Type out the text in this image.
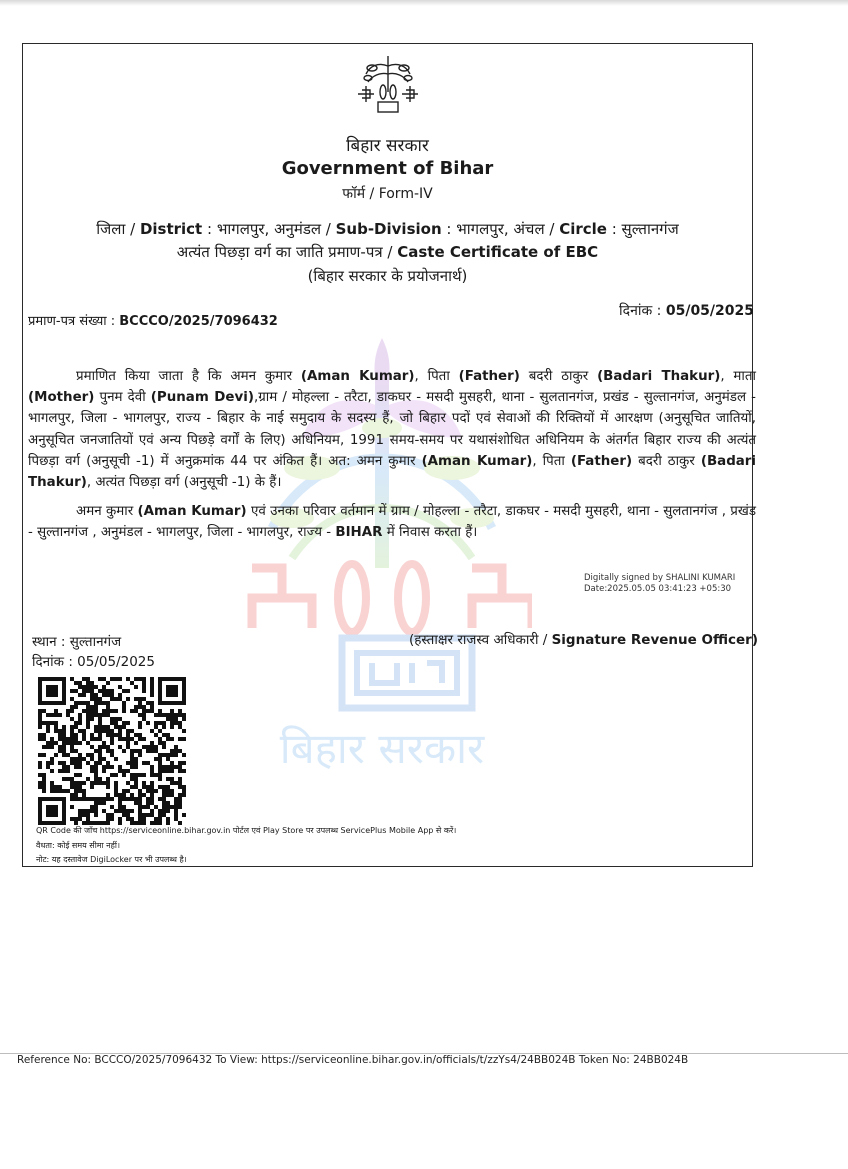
बिहार सरकार
बिहार सरकार
Government of Bihar
फॉर्म / Form-IV
जिला / District : भागलपुर, अनुमंडल / Sub-Division : भागलपुर, अंचल / Circle : सुल्तानगंज
अत्यंत पिछड़ा वर्ग का जाति प्रमाण-पत्र / Caste Certificate of EBC
(बिहार सरकार के प्रयोजनार्थ)
प्रमाण-पत्र संख्या : BCCCO/2025/7096432
दिनांक : 05/05/2025

प्रमाणित किया जाता है कि अमन कुमार (Aman Kumar), पिता (Father) बदरी ठाकुर (Badari Thakur), माता (Mother) पुनम देवी (Punam Devi),ग्राम / मोहल्ला - तरैटा, डाकघर - मसदी मुसहरी, थाना - सुलतानगंज, प्रखंड - सुल्तानगंज, अनुमंडल - भागलपुर, जिला - भागलपुर, राज्य - बिहार के नाई समुदाय के सदस्य हैं, जो बिहार पदों एवं सेवाओं की रिक्तियों में आरक्षण (अनुसूचित जातियों, अनुसूचित जनजातियों एवं अन्य पिछड़े वर्गों के लिए) अधिनियम, 1991 समय-समय पर यथासंशोधित अधिनियम के अंतर्गत बिहार राज्य की अत्यंत पिछड़ा वर्ग (अनुसूची -1) में अनुक्रमांक 44 पर अंकित हैं। अत: अमन कुमार (Aman Kumar), पिता (Father) बदरी ठाकुर (Badari Thakur), अत्यंत पिछड़ा वर्ग (अनुसूची -1) के हैं।

अमन कुमार (Aman Kumar) एवं उनका परिवार वर्तमान में ग्राम / मोहल्ला - तरैटा, डाकघर - मसदी मुसहरी, थाना - सुलतानगंज , प्रखंड - सुल्तानगंज , अनुमंडल - भागलपुर, जिला - भागलपुर, राज्य - BIHAR में निवास करता हैं।

Digitally signed by SHALINI KUMARI
Date:2025.05.05 03:41:23 +05:30
स्थान : सुल्तानगंज
दिनांक : 05/05/2025
(हस्ताक्षर राजस्व अधिकारी / Signature Revenue Officer)
QR Code की जाँच https://serviceonline.bihar.gov.in पोर्टल एवं Play Store पर उपलब्ध ServicePlus Mobile App से करें।
वैधता: कोई समय सीमा नहीं।
नोट: यह दस्तावेज DigiLocker पर भी उपलब्ध है।
Reference No: BCCCO/2025/7096432 To View: https://serviceonline.bihar.gov.in/officials/t/zzYs4/24BB024B Token No: 24BB024B
